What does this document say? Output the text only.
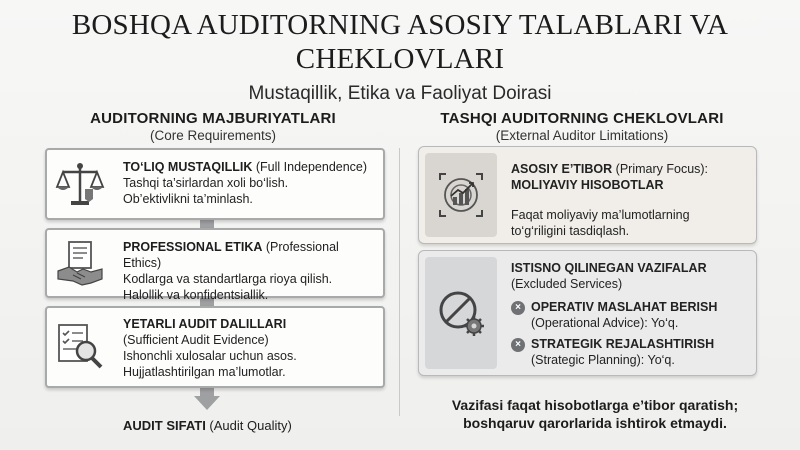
BOSHQA AUDITORNING ASOSIY TALABLARI VA
CHEKLOVLARI
Mustaqillik, Etika va Faoliyat Doirasi
AUDITORNING MAJBURIYATLARI
(Core Requirements)
TASHQI AUDITORNING CHEKLOVLARI
(External Auditor Limitations)
TO‘LIQ MUSTAQILLIK (Full Independence)
Tashqi ta’sirlardan xoli bo‘lish.
Ob’ektivlikni ta’minlash.
PROFESSIONAL ETIKA (Professional Ethics)
Kodlarga va standartlarga rioya qilish.
Halollik va konfidentsiallik.
YETARLI AUDIT DALILLARI
(Sufficient Audit Evidence)
Ishonchli xulosalar uchun asos.
Hujjatlashtirilgan ma’lumotlar.
AUDIT SIFATI (Audit Quality)
ASOSIY E’TIBOR (Primary Focus):
MOLIYAVIY HISOBOTLAR
Faqat moliyaviy ma’lumotlarning
to‘g‘riligini tasdiqlash.
ISTISNO QILINEGAN VAZIFALAR
(Excluded Services)
× OPERATIV MASLAHAT BERISH
(Operational Advice): Yo‘q.
× STRATEGIK REJALASHTIRISH
(Strategic Planning): Yo‘q.
Vazifasi faqat hisobotlarga e’tibor qaratish;
boshqaruv qarorlarida ishtirok etmaydi.
